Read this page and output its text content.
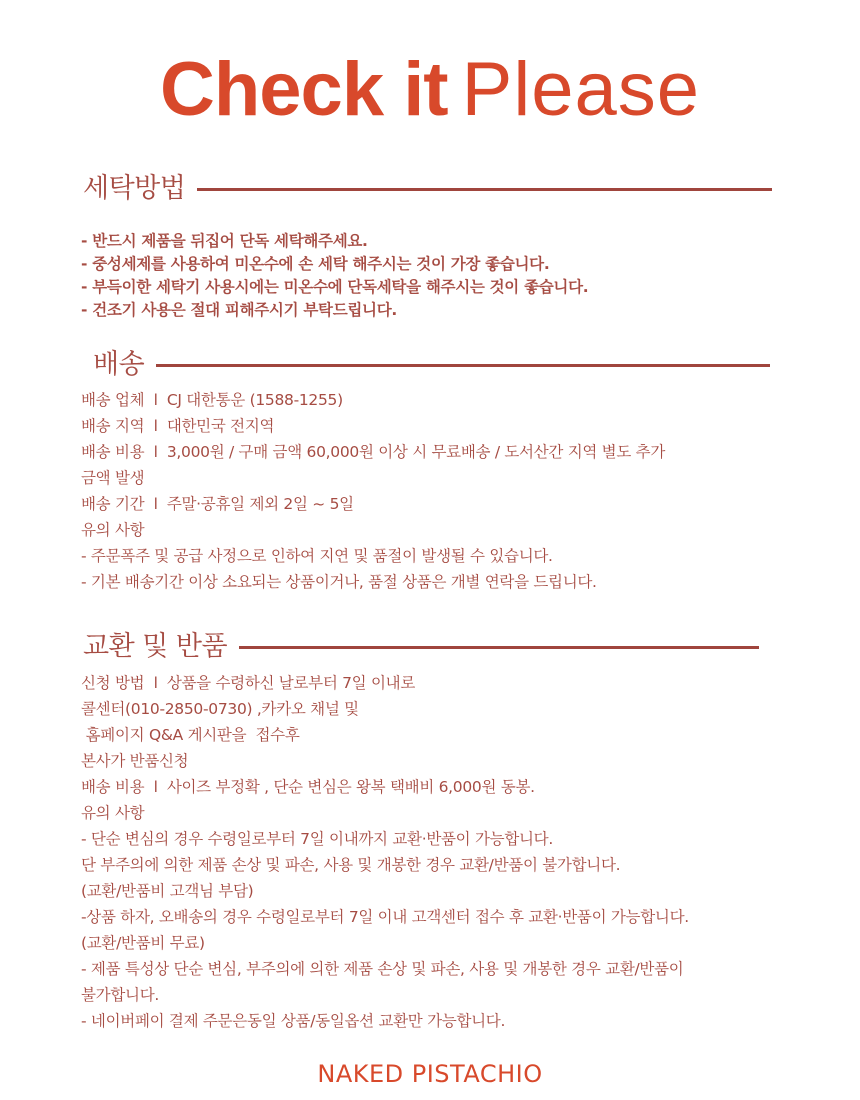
Check it Please
세탁방법
- 반드시 제품을 뒤집어 단독 세탁해주세요.
- 중성세제를 사용하여 미온수에 손 세탁 해주시는 것이 가장 좋습니다.
- 부득이한 세탁기 사용시에는 미온수에 단독세탁을 해주시는 것이 좋습니다.
- 건조기 사용은 절대 피해주시기 부탁드립니다.
배송
배송 업체  l  CJ 대한통운 (1588-1255)
배송 지역  l  대한민국 전지역
배송 비용  l  3,000원 / 구매 금액 60,000원 이상 시 무료배송 / 도서산간 지역 별도 추가
금액 발생
배송 기간  l  주말·공휴일 제외 2일 ~ 5일
유의 사항
- 주문폭주 및 공급 사정으로 인하여 지연 및 품절이 발생될 수 있습니다.
- 기본 배송기간 이상 소요되는 상품이거나, 품절 상품은 개별 연락을 드립니다.
교환 및 반품
신청 방법  l  상품을 수령하신 날로부터 7일 이내로
콜센터(010-2850-0730) ,카카오 채널 및
홈페이지 Q&A 게시판을  접수후
본사가 반품신청
배송 비용  l  사이즈 부정확 , 단순 변심은 왕복 택배비 6,000원 동봉.
유의 사항
- 단순 변심의 경우 수령일로부터 7일 이내까지 교환·반품이 가능합니다.
단 부주의에 의한 제품 손상 및 파손, 사용 및 개봉한 경우 교환/반품이 불가합니다.
(교환/반품비 고객님 부담)
-상품 하자, 오배송의 경우 수령일로부터 7일 이내 고객센터 접수 후 교환·반품이 가능합니다.
(교환/반품비 무료)
- 제품 특성상 단순 변심, 부주의에 의한 제품 손상 및 파손, 사용 및 개봉한 경우 교환/반품이
불가합니다.
- 네이버페이 결제 주문은동일 상품/동일옵션 교환만 가능합니다.
NAKED PISTACHIO
